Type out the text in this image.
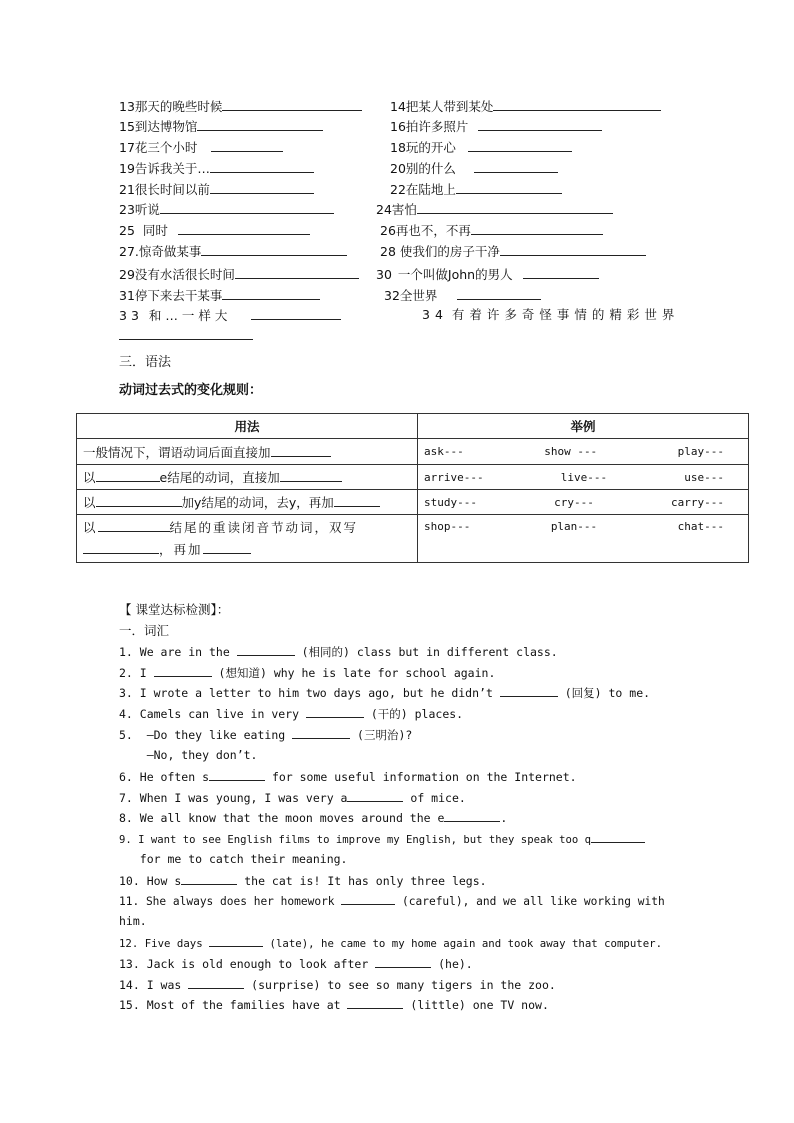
13那天的晚些时候	14把某人带到某处
15到达博物馆	16拍许多照片
17花三个小时	18玩的开心
19告诉我关于…	20别的什么
21很长时间以前	22在陆地上
23听说	24害怕
25 同时	26再也不，不再
27.惊奇做某事	28 使我们的房子干净
29没有水活很长时间	30 一个叫做John的男人
31停下来去干某事	32全世界
33 和…一样大	34 有着许多奇怪事情的精彩世界
三．语法
动词过去式的变化规则：
用法	举例
一般情况下，谓语动词后面直接加	ask--- show --- play---

以 e结尾的动词，直接加	arrive--- live--- use---

以 加y结尾的动词，去y，再加	study--- cry--- carry---

以 结尾的重读闭音节动词，双写
，再加	shop--- plan--- chat---
【 课堂达标检测】：
一．词汇
1. We are in the	(相同的) class but in different class.
2. I	(想知道) why he is late for school again.
3. I wrote a letter to him two days ago, but he didn’t	(回复) to me.
4. Camels can live in very	(干的) places.
5.  —Do they like eating	(三明治)?
—No, they don’t.
6. He often s	for some useful information on the Internet.
7. When I was young, I was very a	of mice.
8. We all know that the moon moves around the e	.
9. I want to see English films to improve my English, but they speak too q
for me to catch their meaning.
10. How s	the cat is! It has only three legs.
11. She always does her homework	(careful), and we all like working with
him.
12. Five days	(late), he came to my home again and took away that computer.
13. Jack is old enough to look after	(he).
14. I was	(surprise) to see so many tigers in the zoo.
15. Most of the families have at	(little) one TV now.
